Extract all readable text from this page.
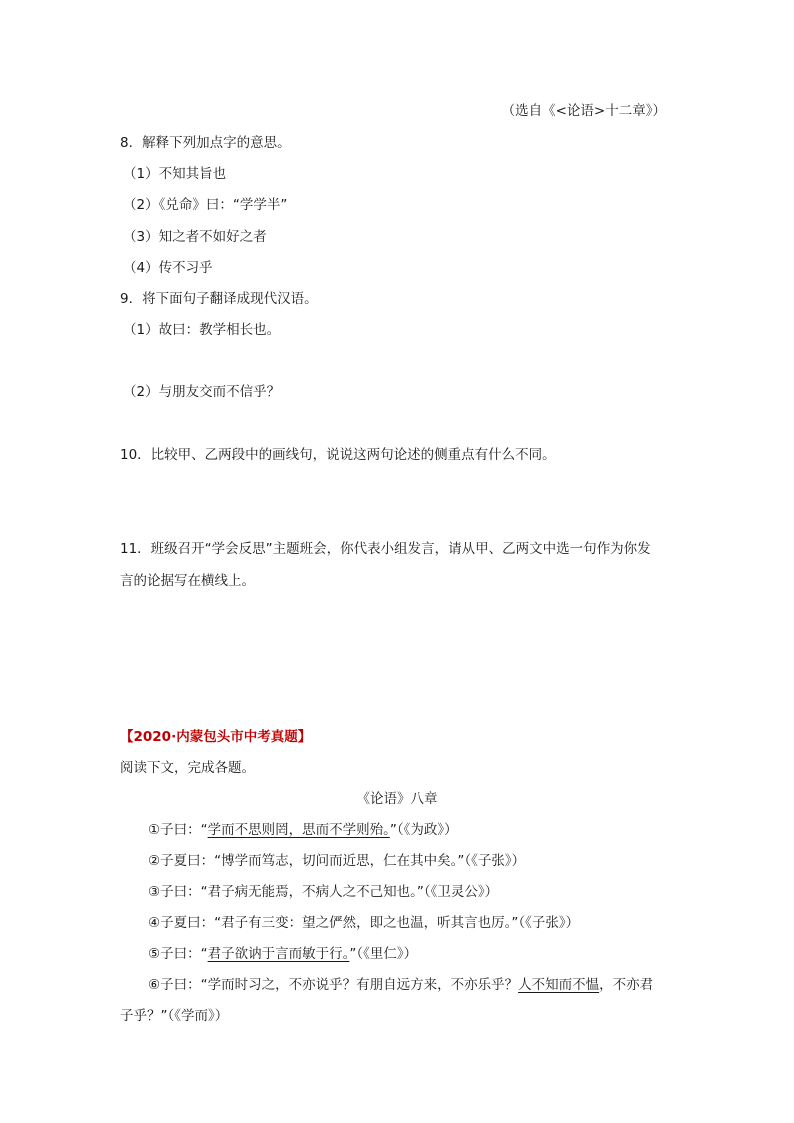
（选自《<论语>十二章》）
8．解释下列加点字的意思。
（1）不知其旨也
（2）《兑命》曰：“学学半”
（3）知之者不如好之者
（4）传不习乎
9．将下面句子翻译成现代汉语。
（1）故曰：教学相长也。
（2）与朋友交而不信乎？
10．比较甲、乙两段中的画线句，说说这两句论述的侧重点有什么不同。
11．班级召开“学会反思”主题班会，你代表小组发言，请从甲、乙两文中选一句作为你发
言的论据写在横线上。
【2020·内蒙包头市中考真题】
阅读下文，完成各题。
《论语》八章
①子曰：“学而不思则罔，思而不学则殆。”（《为政》）
②子夏曰：“博学而笃志，切问而近思，仁在其中矣。”（《子张》）
③子曰：“君子病无能焉，不病人之不己知也。”（《卫灵公》）
④子夏曰：“君子有三变：望之俨然，即之也温，听其言也厉。”（《子张》）
⑤子曰：“君子欲讷于言而敏于行。”（《里仁》）
⑥子曰：“学而时习之，不亦说乎？有朋自远方来，不亦乐乎？人不知而不愠，不亦君
子乎？”（《学而》）
